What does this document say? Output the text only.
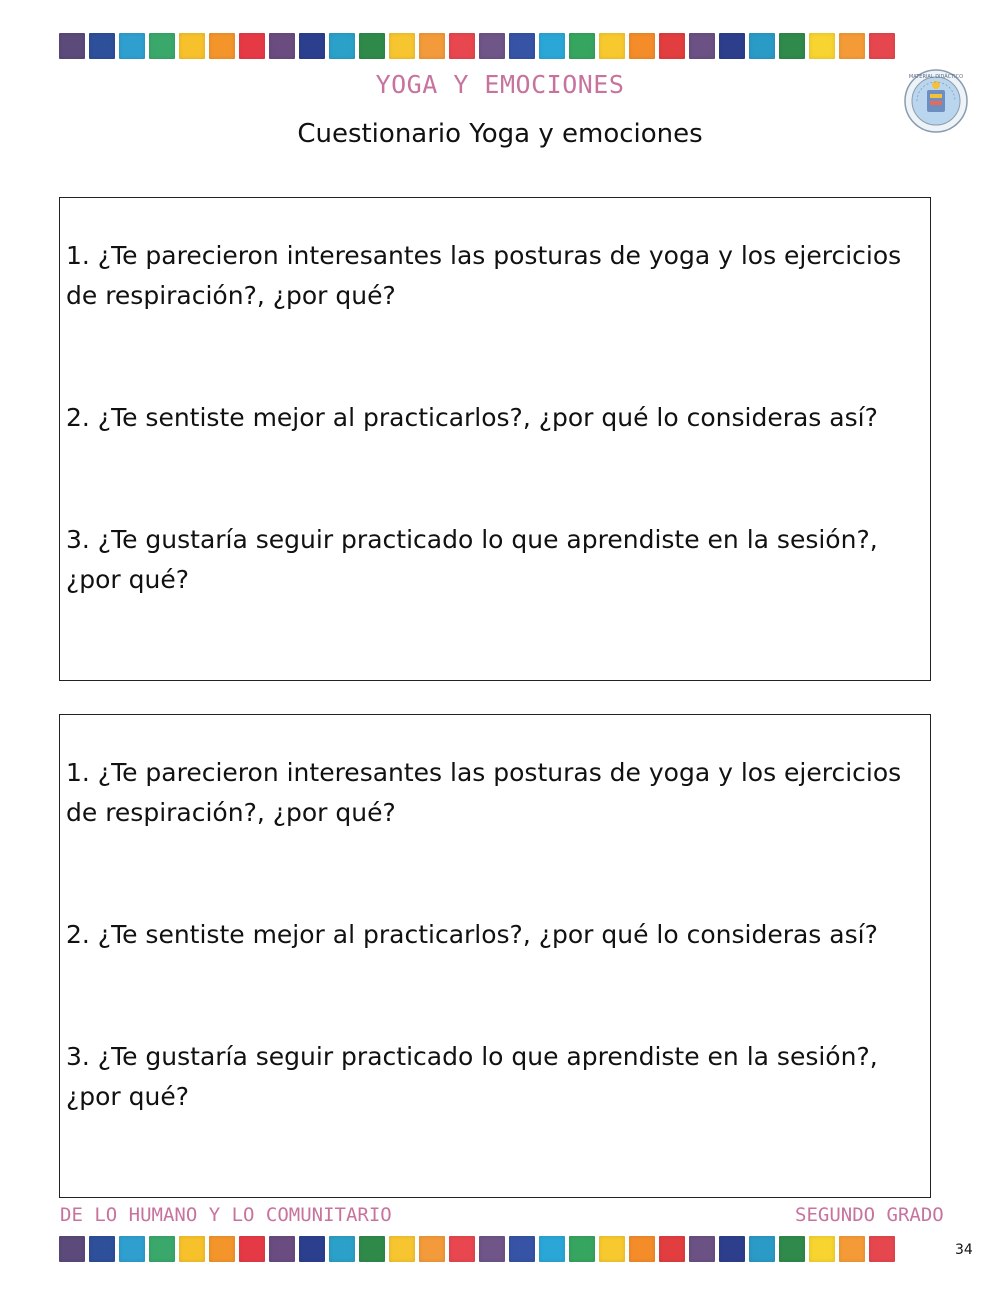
YOGA Y EMOCIONES
Cuestionario Yoga y emociones
MATERIAL DIDÁCTICO
1. ¿Te parecieron interesantes las posturas de yoga y los ejercicios de respiración?, ¿por qué?
2. ¿Te sentiste mejor al practicarlos?, ¿por qué lo consideras así?
3. ¿Te gustaría seguir practicado lo que aprendiste en la sesión?, ¿por qué?
1. ¿Te parecieron interesantes las posturas de yoga y los ejercicios de respiración?, ¿por qué?
2. ¿Te sentiste mejor al practicarlos?, ¿por qué lo consideras así?
3. ¿Te gustaría seguir practicado lo que aprendiste en la sesión?, ¿por qué?
DE LO HUMANO Y LO COMUNITARIO	SEGUNDO GRADO
34
